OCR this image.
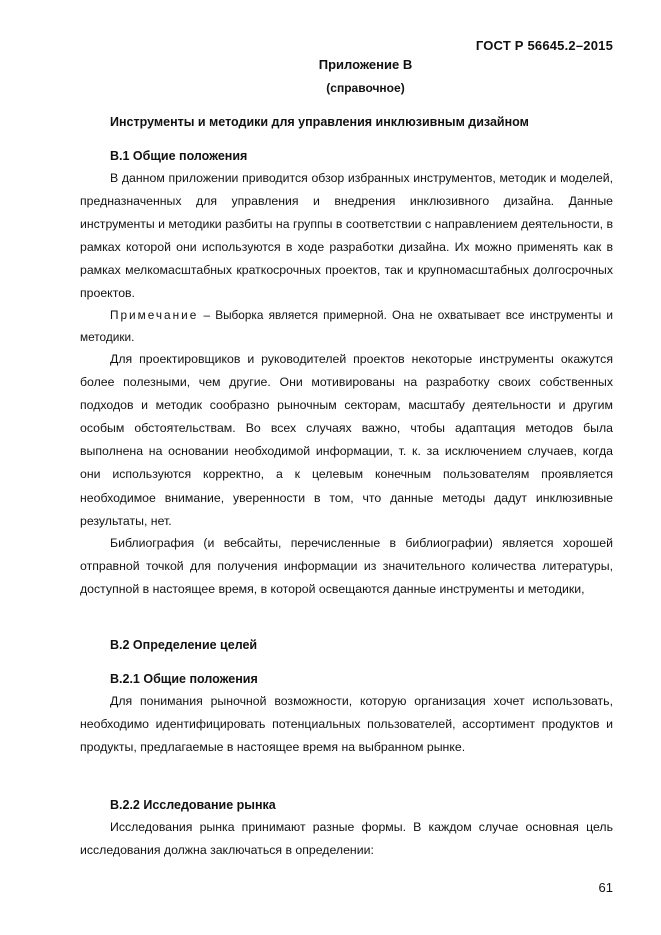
ГОСТ Р 56645.2–2015
Приложение В
(справочное)
Инструменты и методики для управления инклюзивным дизайном
В.1 Общие положения

В данном приложении приводится обзор избранных инструментов, методик и моделей, предназначенных для управления и внедрения инклюзивного дизайна. Данные инструменты и методики разбиты на группы в соответствии с направлением деятельности, в рамках которой они используются в ходе разработки дизайна. Их можно применять как в рамках мелкомасштабных краткосрочных проектов, так и крупномасштабных долгосрочных проектов.

Примечание – Выборка является примерной. Она не охватывает все инструменты и методики.

Для проектировщиков и руководителей проектов некоторые инструменты окажутся более полезными, чем другие. Они мотивированы на разработку своих собственных подходов и методик сообразно рыночным секторам, масштабу деятельности и другим особым обстоятельствам. Во всех случаях важно, чтобы адаптация методов была выполнена на основании необходимой информации, т. к. за исключением случаев, когда они используются корректно, а к целевым конечным пользователям проявляется необходимое внимание, уверенности в том, что данные методы дадут инклюзивные результаты, нет.

Библиография (и вебсайты, перечисленные в библиографии) является хорошей отправной точкой для получения информации из значительного количества литературы, доступной в настоящее время, в которой освещаются данные инструменты и методики,

В.2 Определение целей
В.2.1 Общие положения

Для понимания рыночной возможности, которую организация хочет использовать, необходимо идентифицировать потенциальных пользователей, ассортимент продуктов и продукты, предлагаемые в настоящее время на выбранном рынке.

В.2.2 Исследование рынка

Исследования рынка принимают разные формы. В каждом случае основная цель исследования должна заключаться в определении:

61
